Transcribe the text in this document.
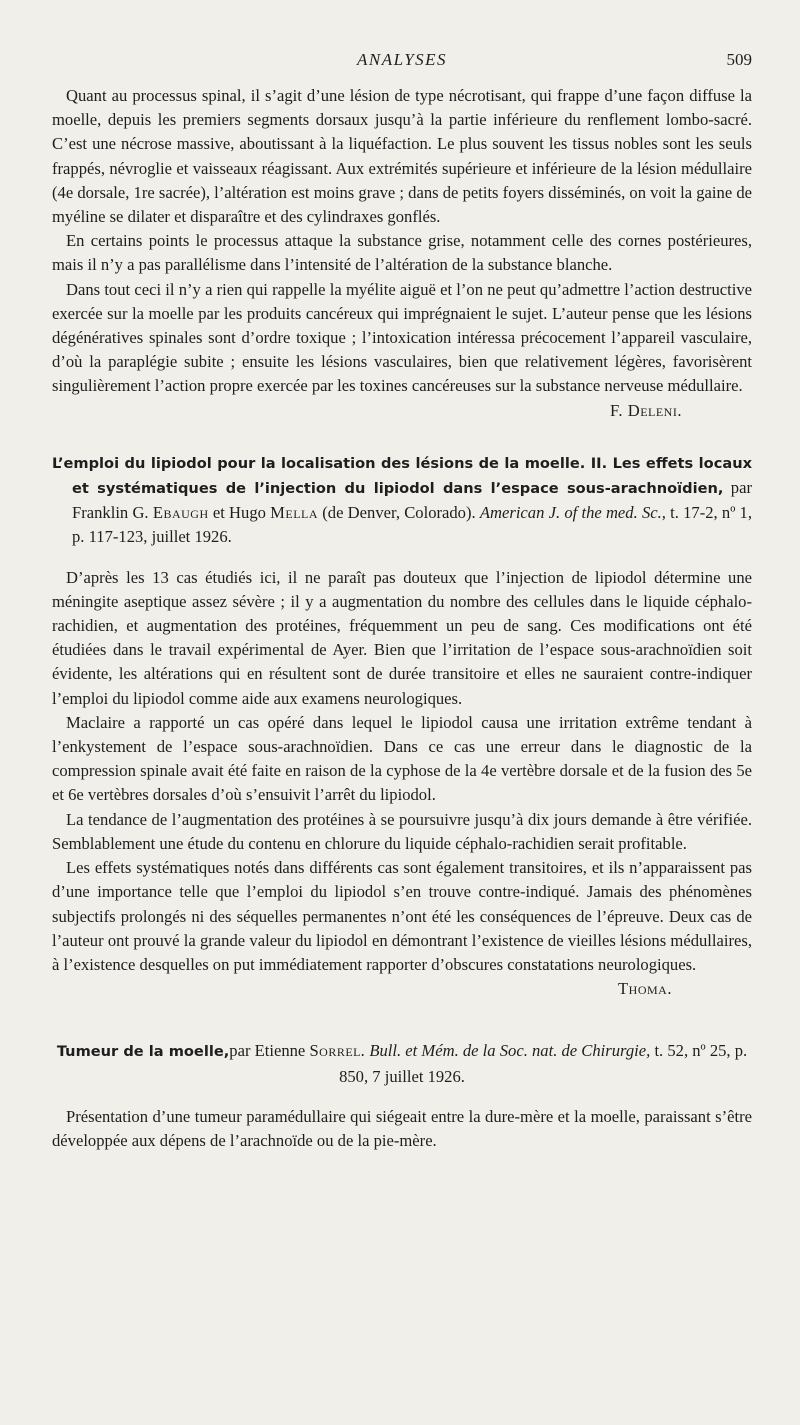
ANALYSES	509

Quant au processus spinal, il s’agit d’une lésion de type nécrotisant, qui frappe d’une façon diffuse la moelle, depuis les premiers segments dorsaux jusqu’à la partie inférieure du renflement lombo-sacré. C’est une nécrose massive, aboutissant à la liquéfaction. Le plus souvent les tissus nobles sont les seuls frappés, névroglie et vaisseaux réagissant. Aux extrémités supérieure et inférieure de la lésion médullaire (4e dorsale, 1re sacrée), l’altération est moins grave ; dans de petits foyers disséminés, on voit la gaine de myéline se dilater et disparaître et des cylindraxes gonflés.

En certains points le processus attaque la substance grise, notamment celle des cornes postérieures, mais il n’y a pas parallélisme dans l’intensité de l’altération de la substance blanche.

Dans tout ceci il n’y a rien qui rappelle la myélite aiguë et l’on ne peut qu’admettre l’action destructive exercée sur la moelle par les produits cancéreux qui imprégnaient le sujet. L’auteur pense que les lésions dégénératives spinales sont d’ordre toxique ; l’intoxication intéressa précocement l’appareil vasculaire, d’où la paraplégie subite ; ensuite les lésions vasculaires, bien que relativement légères, favorisèrent singulièrement l’action propre exercée par les toxines cancéreuses sur la substance nerveuse médullaire.

F. Deleni.

L’emploi du lipiodol pour la localisation des lésions de la moelle. II. Les effets locaux et systématiques de l’injection du lipiodol dans l’espace sous-arachnoïdien, par Franklin G. Ebaugh et Hugo Mella (de Denver, Colorado). American J. of the med. Sc., t. 17-2, nº 1, p. 117-123, juillet 1926.

D’après les 13 cas étudiés ici, il ne paraît pas douteux que l’injection de lipiodol détermine une méningite aseptique assez sévère ; il y a augmentation du nombre des cellules dans le liquide céphalo-rachidien, et augmentation des protéines, fréquemment un peu de sang. Ces modifications ont été étudiées dans le travail expérimental de Ayer. Bien que l’irritation de l’espace sous-arachnoïdien soit évidente, les altérations qui en résultent sont de durée transitoire et elles ne sauraient contre-indiquer l’emploi du lipiodol comme aide aux examens neurologiques.

Maclaire a rapporté un cas opéré dans lequel le lipiodol causa une irritation extrême tendant à l’enkystement de l’espace sous-arachnoïdien. Dans ce cas une erreur dans le diagnostic de la compression spinale avait été faite en raison de la cyphose de la 4e vertèbre dorsale et de la fusion des 5e et 6e vertèbres dorsales d’où s’ensuivit l’arrêt du lipiodol.

La tendance de l’augmentation des protéines à se poursuivre jusqu’à dix jours demande à être vérifiée. Semblablement une étude du contenu en chlorure du liquide céphalo-rachidien serait profitable.

Les effets systématiques notés dans différents cas sont également transitoires, et ils n’apparaissent pas d’une importance telle que l’emploi du lipiodol s’en trouve contre-indiqué. Jamais des phénomènes subjectifs prolongés ni des séquelles permanentes n’ont été les conséquences de l’épreuve. Deux cas de l’auteur ont prouvé la grande valeur du lipiodol en démontrant l’existence de vieilles lésions médullaires, à l’existence desquelles on put immédiatement rapporter d’obscures constatations neurologiques.

Thoma.

Tumeur de la moelle,par Etienne Sorrel. Bull. et Mém. de la Soc. nat. de Chirurgie, t. 52, nº 25, p. 850, 7 juillet 1926.

Présentation d’une tumeur paramédullaire qui siégeait entre la dure-mère et la moelle, paraissant s’être développée aux dépens de l’arachnoïde ou de la pie-mère.
